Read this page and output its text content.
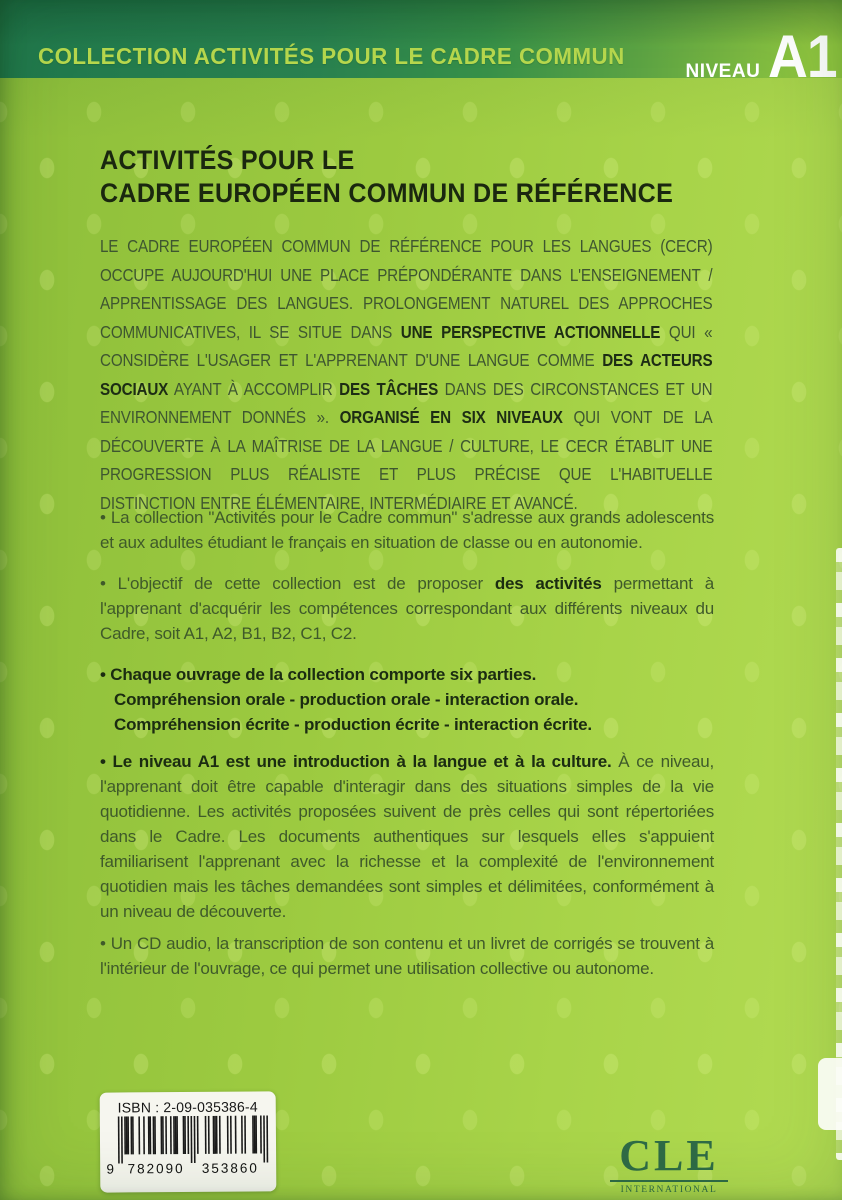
COLLECTION ACTIVITÉS POUR LE CADRE COMMUN
NIVEAU A1
ACTIVITÉS POUR LE
CADRE EUROPÉEN COMMUN DE RÉFÉRENCE

LE CADRE EUROPÉEN COMMUN DE RÉFÉRENCE POUR LES LANGUES (CECR) OCCUPE AUJOURD'HUI UNE PLACE PRÉPONDÉRANTE DANS L'ENSEIGNEMENT / APPRENTISSAGE DES LANGUES. PROLONGEMENT NATUREL DES APPROCHES COMMUNICATIVES, IL SE SITUE DANS UNE PERSPECTIVE ACTIONNELLE QUI « CONSIDÈRE L'USAGER ET L'APPRENANT D'UNE LANGUE COMME DES ACTEURS SOCIAUX AYANT À ACCOMPLIR DES TÂCHES DANS DES CIRCONSTANCES ET UN ENVIRONNEMENT DONNÉS ». ORGANISÉ EN SIX NIVEAUX QUI VONT DE LA DÉCOUVERTE À LA MAÎTRISE DE LA LANGUE / CULTURE, LE CECR ÉTABLIT UNE PROGRESSION PLUS RÉALISTE ET PLUS PRÉCISE QUE L'HABITUELLE DISTINCTION ENTRE ÉLÉMENTAIRE, INTERMÉDIAIRE ET AVANCÉ.

• La collection "Activités pour le Cadre commun" s'adresse aux grands adolescents et aux adultes étudiant le français en situation de classe ou en autonomie.

• L'objectif de cette collection est de proposer des activités permettant à l'apprenant d'acquérir les compétences correspondant aux différents niveaux du Cadre, soit A1, A2, B1, B2, C1, C2.

• Chaque ouvrage de la collection comporte six parties.
Compréhension orale - production orale - interaction orale.
Compréhension écrite - production écrite - interaction écrite.

• Le niveau A1 est une introduction à la langue et à la culture. À ce niveau, l'apprenant doit être capable d'interagir dans des situations simples de la vie quotidienne. Les activités proposées suivent de près celles qui sont répertoriées dans le Cadre. Les documents authentiques sur lesquels elles s'appuient familiarisent l'apprenant avec la richesse et la complexité de l'environnement quotidien mais les tâches demandées sont simples et délimitées, conformément à un niveau de découverte.

• Un CD audio, la transcription de son contenu et un livret de corrigés se trouvent à l'intérieur de l'ouvrage, ce qui permet une utilisation collective ou autonome.

ISBN : 2-09-035386-4
9 782090 353860	CLE
INTERNATIONAL
